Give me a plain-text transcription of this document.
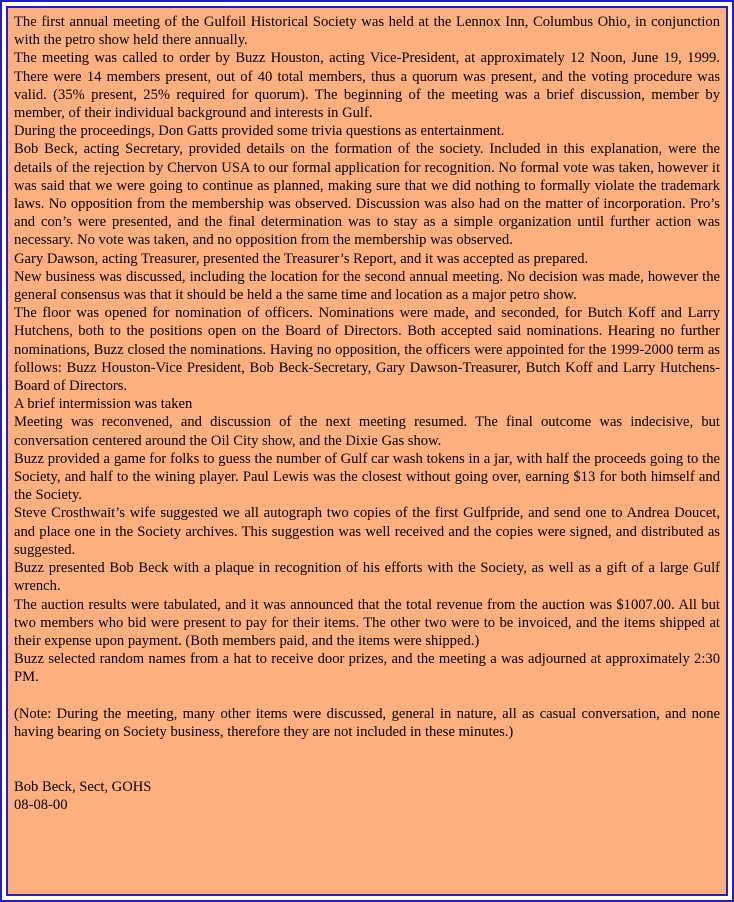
The first annual meeting of the Gulfoil Historical Society was held at the Lennox Inn, Columbus Ohio, in conjunction with the petro show held there annually.

The meeting was called to order by Buzz Houston, acting Vice-President, at approximately 12 Noon, June 19, 1999. There were 14 members present, out of 40 total members, thus a quorum was present, and the voting procedure was valid. (35% present, 25% required for quorum). The beginning of the meeting was a brief discussion, member by member, of their individual background and interests in Gulf.

During the proceedings, Don Gatts provided some trivia questions as entertainment.

Bob Beck, acting Secretary, provided details on the formation of the society. Included in this explanation, were the details of the rejection by Chervon USA to our formal application for recognition. No formal vote was taken, however it was said that we were going to continue as planned, making sure that we did nothing to formally violate the trademark laws. No opposition from the membership was observed. Discussion was also had on the matter of incorporation. Pro’s and con’s were presented, and the final determination was to stay as a simple organization until further action was necessary. No vote was taken, and no opposition from the membership was observed.

Gary Dawson, acting Treasurer, presented the Treasurer’s Report, and it was accepted as prepared.

New business was discussed, including the location for the second annual meeting. No decision was made, however the general consensus was that it should be held a the same time and location as a major petro show.

The floor was opened for nomination of officers. Nominations were made, and seconded, for Butch Koff and Larry Hutchens, both to the positions open on the Board of Directors. Both accepted said nominations. Hearing no further nominations, Buzz closed the nominations. Having no opposition, the officers were appointed for the 1999-2000 term as follows: Buzz Houston-Vice President, Bob Beck-Secretary, Gary Dawson-Treasurer, Butch Koff and Larry Hutchens-Board of Directors.

A brief intermission was taken

Meeting was reconvened, and discussion of the next meeting resumed. The final outcome was indecisive, but conversation centered around the Oil City show, and the Dixie Gas show.

Buzz provided a game for folks to guess the number of Gulf car wash tokens in a jar, with half the proceeds going to the Society, and half to the wining player. Paul Lewis was the closest without going over, earning $13 for both himself and the Society.

Steve Crosthwait’s wife suggested we all autograph two copies of the first Gulfpride, and send one to Andrea Doucet, and place one in the Society archives. This suggestion was well received and the copies were signed, and distributed as suggested.

Buzz presented Bob Beck with a plaque in recognition of his efforts with the Society, as well as a gift of a large Gulf wrench.

The auction results were tabulated, and it was announced that the total revenue from the auction was $1007.00. All but two members who bid were present to pay for their items. The other two were to be invoiced, and the items shipped at their expense upon payment. (Both members paid, and the items were shipped.)

Buzz selected random names from a hat to receive door prizes, and the meeting a was adjourned at approximately 2:30 PM.

(Note: During the meeting, many other items were discussed, general in nature, all as casual conversation, and none having bearing on Society business, therefore they are not included in these minutes.)

Bob Beck, Sect, GOHS

08-08-00
